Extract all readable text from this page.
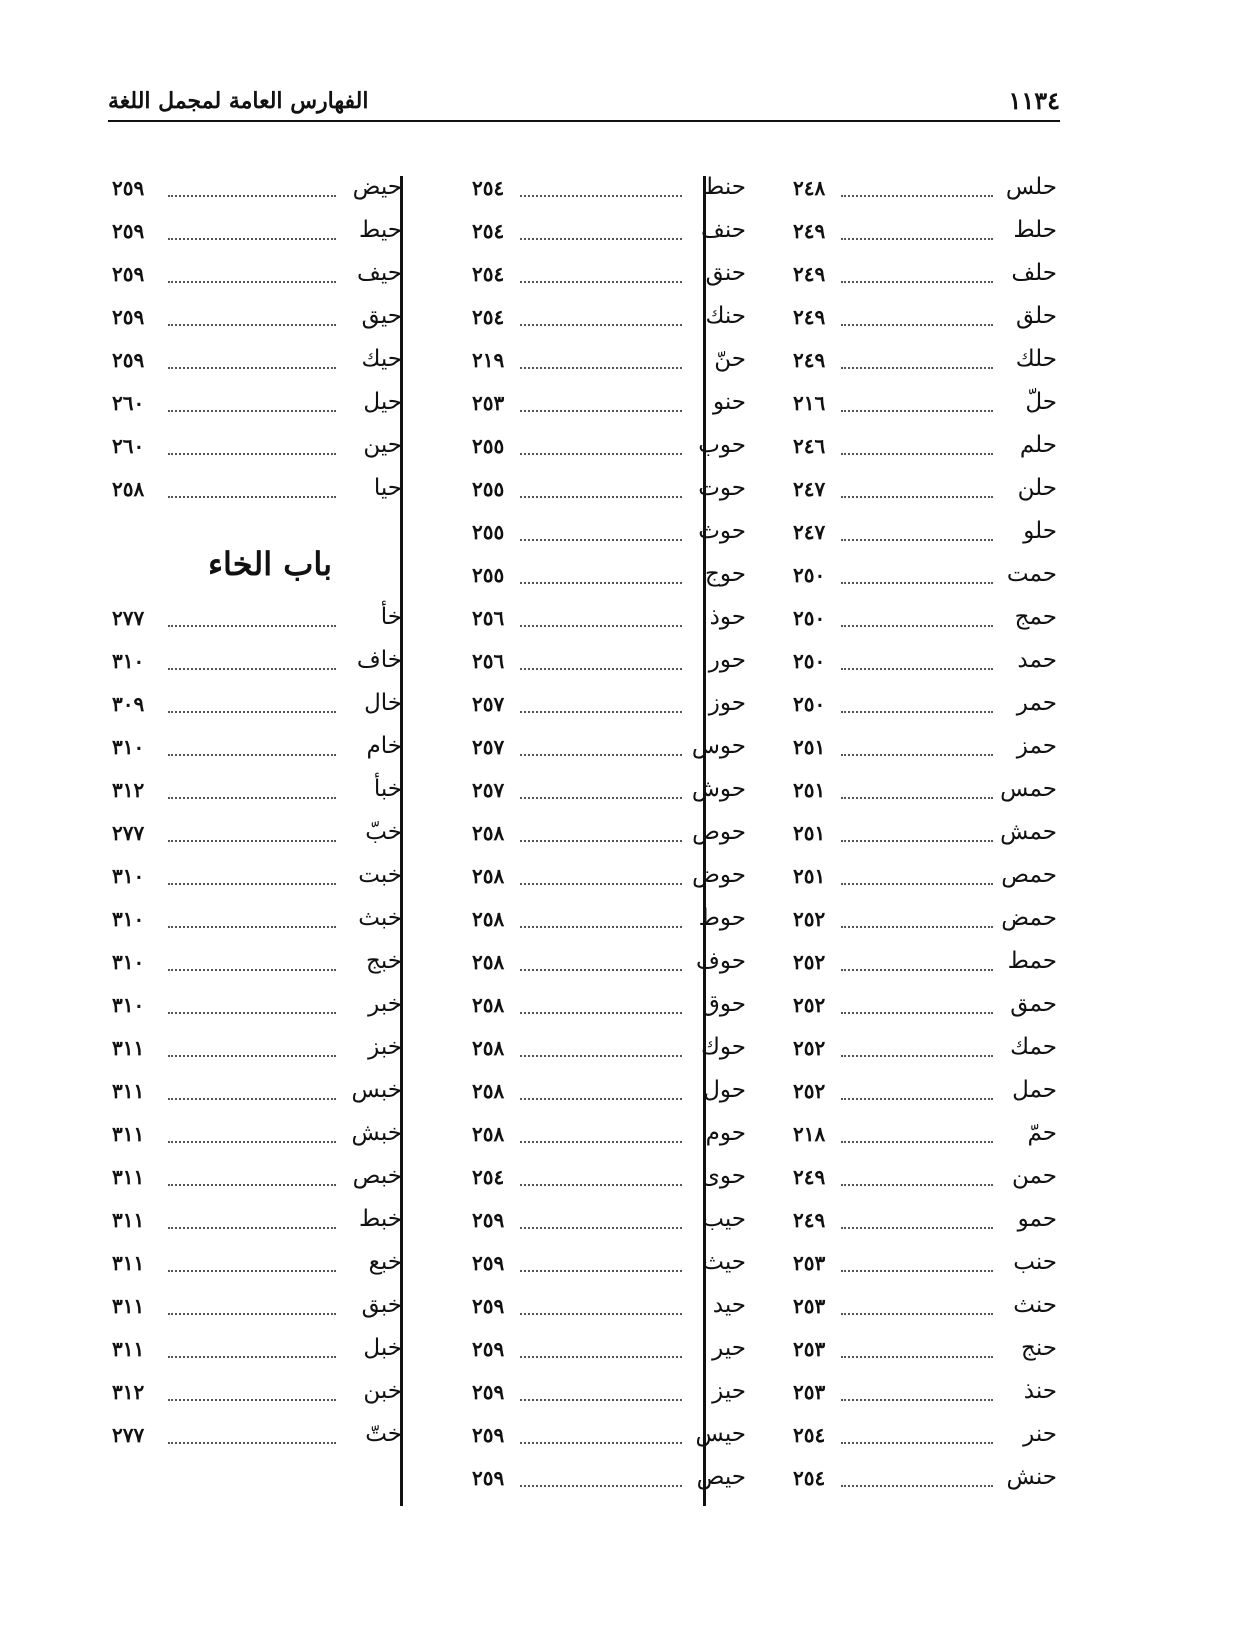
الفهارس العامة لمجمل اللغة	١١٣٤
حلس
٢٤٨
حلط
٢٤٩
حلف
٢٤٩
حلق
٢٤٩
حلك
٢٤٩
حلّ
٢١٦
حلم
٢٤٦
حلن
٢٤٧
حلو
٢٤٧
حمت
٢٥٠
حمج
٢٥٠
حمد
٢٥٠
حمر
٢٥٠
حمز
٢٥١
حمس
٢٥١
حمش
٢٥١
حمص
٢٥١
حمض
٢٥٢
حمط
٢٥٢
حمق
٢٥٢
حمك
٢٥٢
حمل
٢٥٢
حمّ
٢١٨
حمن
٢٤٩
حمو
٢٤٩
حنب
٢٥٣
حنث
٢٥٣
حنج
٢٥٣
حنذ
٢٥٣
حنر
٢٥٤
حنش
٢٥٤
حنط
٢٥٤
حنف
٢٥٤
حنق
٢٥٤
حنك
٢٥٤
حنّ
٢١٩
حنو
٢٥٣
حوب
٢٥٥
حوت
٢٥٥
حوث
٢٥٥
حوج
٢٥٥
حوذ
٢٥٦
حور
٢٥٦
حوز
٢٥٧
حوس
٢٥٧
حوش
٢٥٧
حوص
٢٥٨
حوض
٢٥٨
حوط
٢٥٨
حوف
٢٥٨
حوق
٢٥٨
حوك
٢٥٨
حول
٢٥٨
حوم
٢٥٨
حوى
٢٥٤
حيب
٢٥٩
حيث
٢٥٩
حيد
٢٥٩
حير
٢٥٩
حيز
٢٥٩
حيس
٢٥٩
حيص
٢٥٩
حيض
٢٥٩
حيط
٢٥٩
حيف
٢٥٩
حيق
٢٥٩
حيك
٢٥٩
حيل
٢٦٠
حين
٢٦٠
حيا
٢٥٨
باب الخاء
خأ
٢٧٧
خاف
٣١٠
خال
٣٠٩
خام
٣١٠
خبأ
٣١٢
خبّ
٢٧٧
خبت
٣١٠
خبث
٣١٠
خبج
٣١٠
خبر
٣١٠
خبز
٣١١
خبس
٣١١
خبش
٣١١
خبص
٣١١
خبط
٣١١
خبع
٣١١
خبق
٣١١
خبل
٣١١
خبن
٣١٢
ختّ
٢٧٧
